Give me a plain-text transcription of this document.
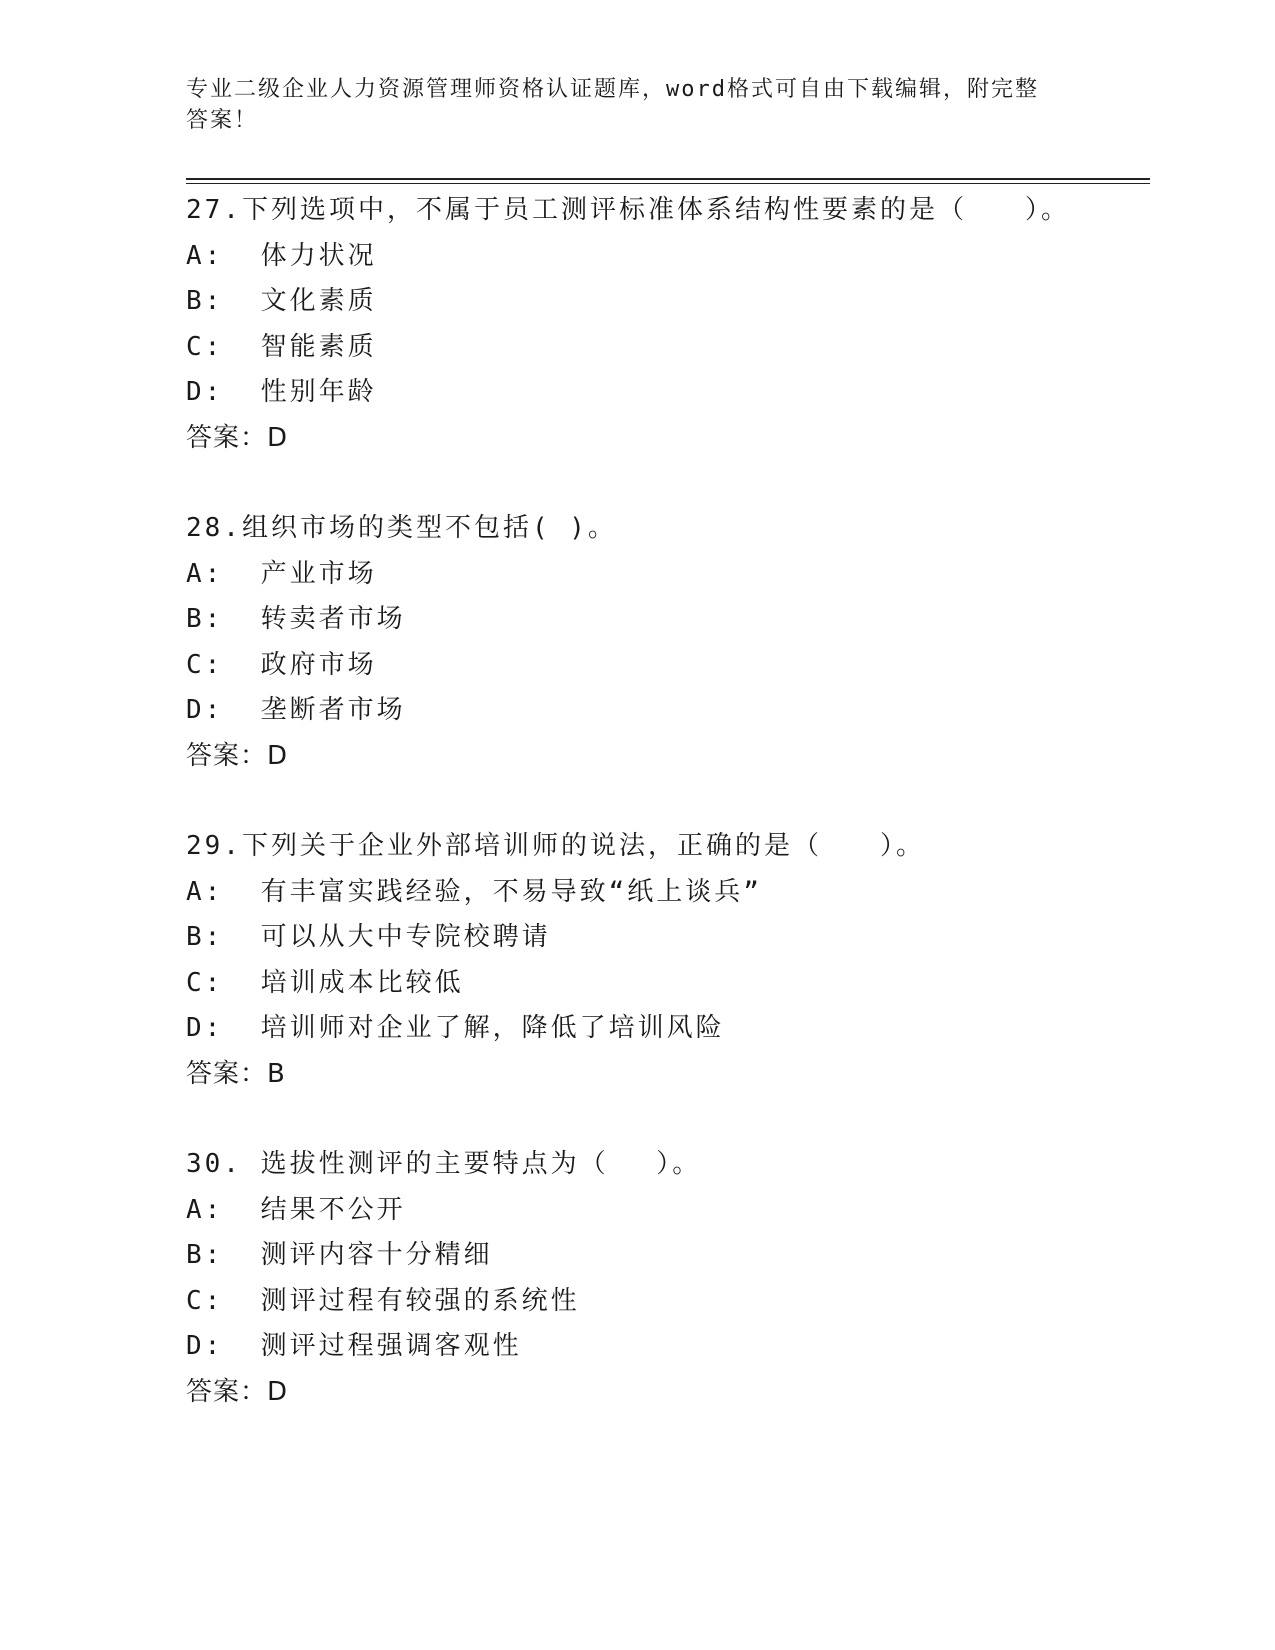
专业二级企业人力资源管理师资格认证题库，word格式可自由下载编辑，附完整
答案！
27.下列选项中，不属于员工测评标准体系结构性要素的是（　　）。
A:  体力状况
B:  文化素质
C:  智能素质
D:  性别年龄
答案：D
28.组织市场的类型不包括( )。
A:  产业市场
B:  转卖者市场
C:  政府市场
D:  垄断者市场
答案：D
29.下列关于企业外部培训师的说法，正确的是（　　）。
A:  有丰富实践经验，不易导致“纸上谈兵”
B:  可以从大中专院校聘请
C:  培训成本比较低
D:  培训师对企业了解，降低了培训风险
答案：B
30. 选拔性测评的主要特点为（　 ）。
A:  结果不公开
B:  测评内容十分精细
C:  测评过程有较强的系统性
D:  测评过程强调客观性
答案：D
